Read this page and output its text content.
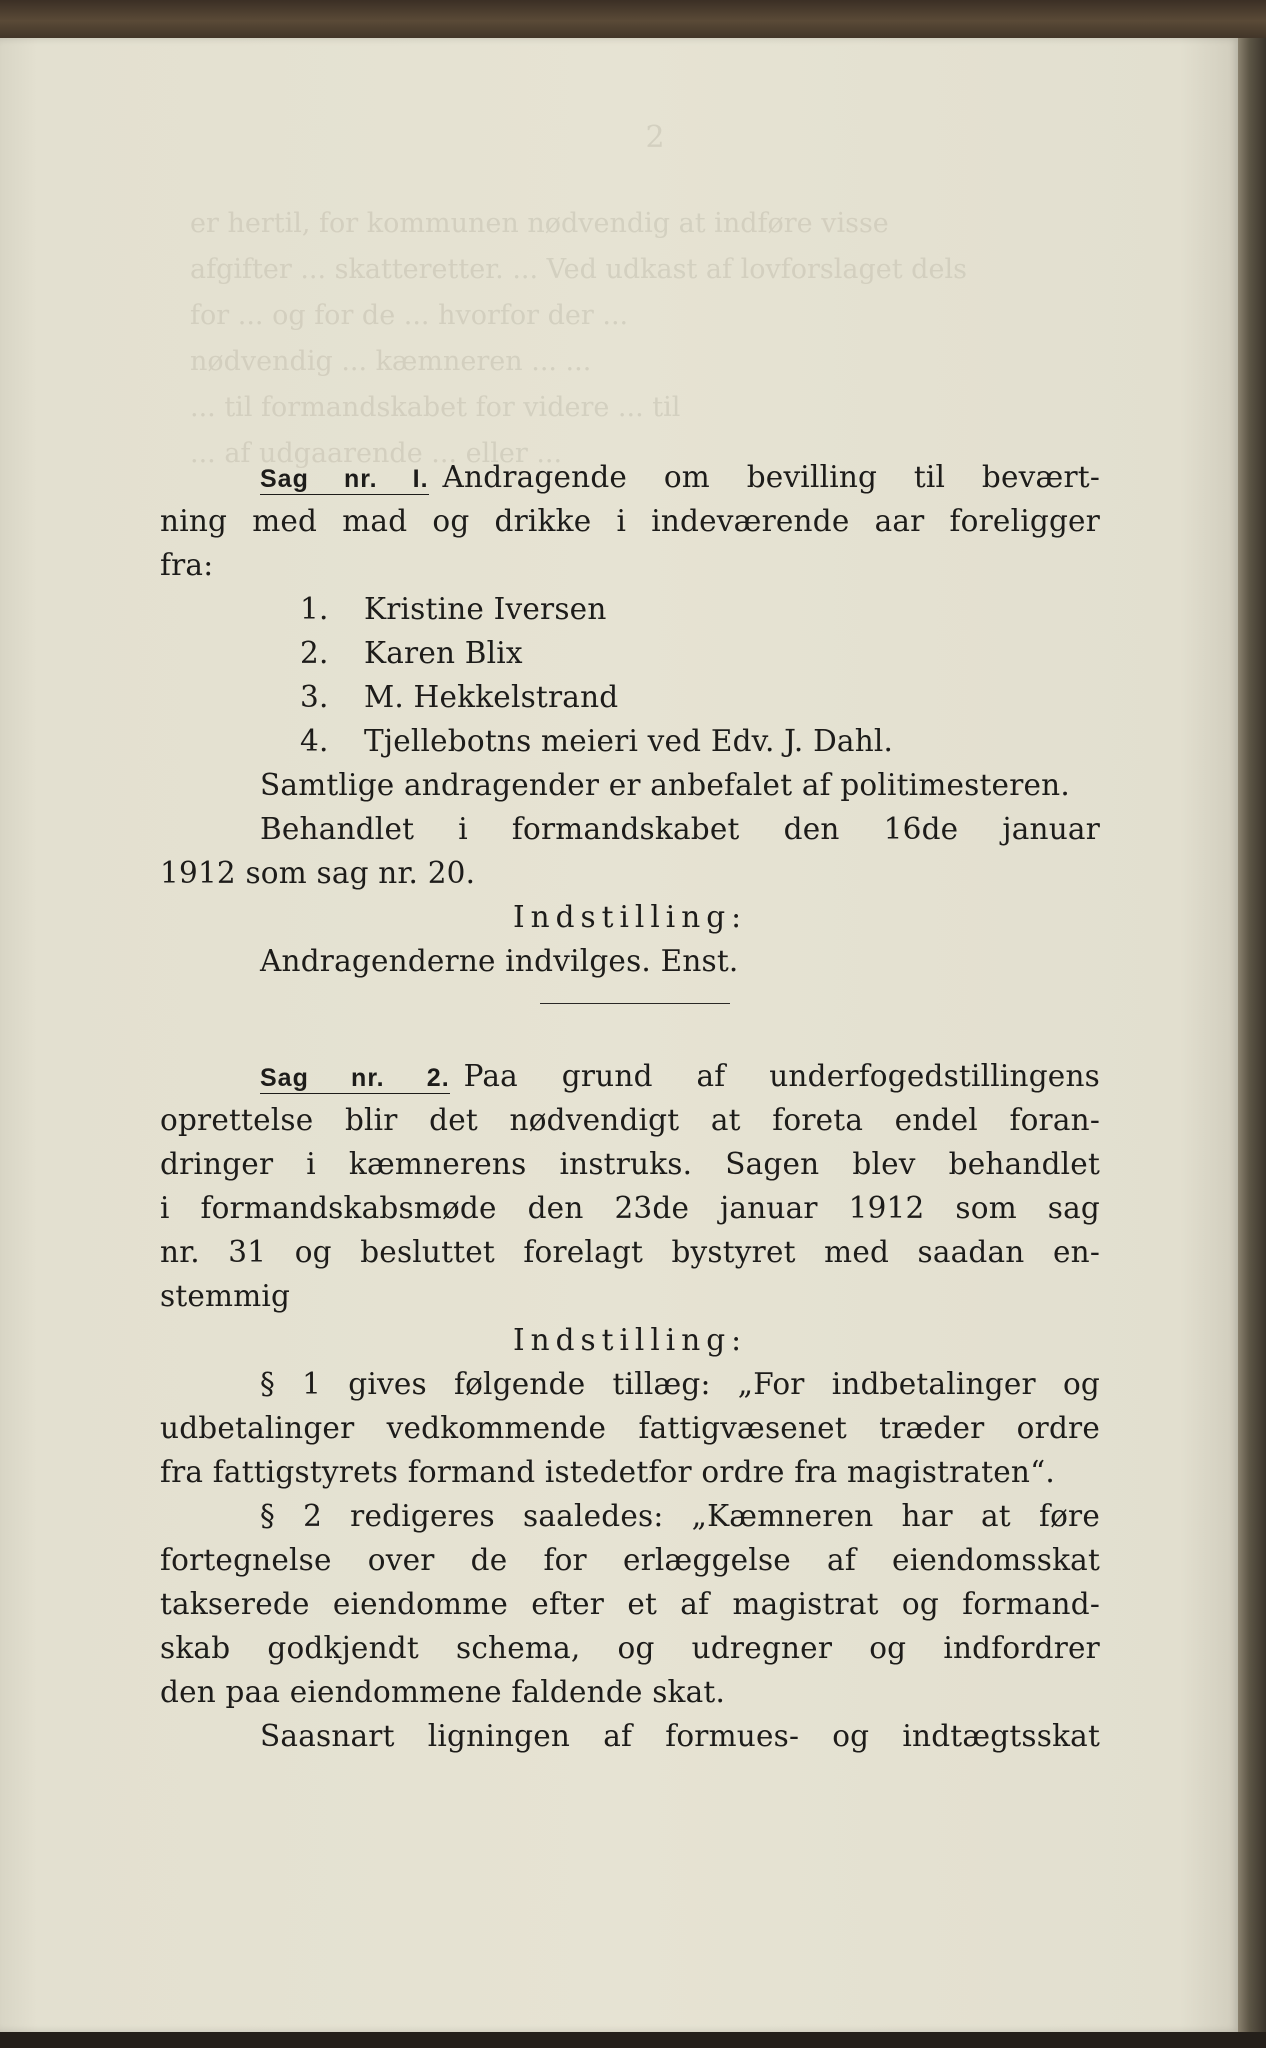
2
er hertil, for kommunen nødvendig at indføre visse
afgifter ... skatteretter. ... Ved udkast af lovforslaget dels
for ... og for de ... hvorfor der ...
nødvendig ... kæmneren ... ...
... til formandskabet for videre ... til
... af udgaarende ... eller ...
Sag nr. I. Andragende om bevilling til bevært-
ning med mad og drikke i indeværende aar foreligger
fra:
1. Kristine Iversen
2. Karen Blix
3. M. Hekkelstrand
4. Tjellebotns meieri ved Edv. J. Dahl.
Samtlige andragender er anbefalet af politimesteren.
Behandlet i formandskabet den 16de januar
1912 som sag nr. 20.
Indstilling:
Andragenderne indvilges. Enst.
Sag nr. 2. Paa grund af underfogedstillingens
oprettelse blir det nødvendigt at foreta endel foran-
dringer i kæmnerens instruks. Sagen blev behandlet
i formandskabsmøde den 23de januar 1912 som sag
nr. 31 og besluttet forelagt bystyret med saadan en-
stemmig
Indstilling:
§ 1 gives følgende tillæg: „For indbetalinger og
udbetalinger vedkommende fattigvæsenet træder ordre
fra fattigstyrets formand istedetfor ordre fra magistraten“.
§ 2 redigeres saaledes: „Kæmneren har at føre
fortegnelse over de for erlæggelse af eiendomsskat
takserede eiendomme efter et af magistrat og formand-
skab godkjendt schema, og udregner og indfordrer
den paa eiendommene faldende skat.
Saasnart ligningen af formues- og indtægtsskat
